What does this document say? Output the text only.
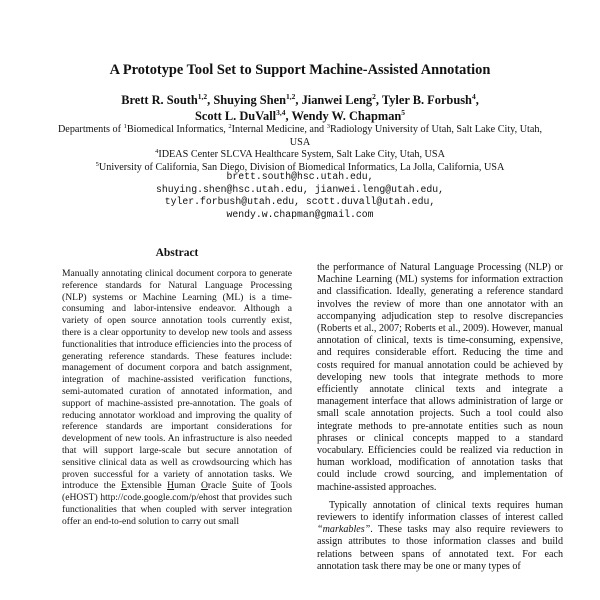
A Prototype Tool Set to Support Machine-Assisted Annotation
Brett R. South$^{1,2}$, Shuying Shen$^{1,2}$, Jianwei Leng$^2$, Tyler B. Forbush$^4$,
Scott L. DuVall$^{3,4}$, Wendy W. Chapman$^5$
Departments of $^1$Biomedical Informatics, $^2$Internal Medicine, and $^3$Radiology University of Utah, Salt Lake City, Utah, USA
$^4$IDEAS Center SLCVA Healthcare System, Salt Lake City, Utah, USA
$^5$University of California, San Diego, Division of Biomedical Informatics, La Jolla, California, USA
brett.south@hsc.utah.edu,
shuying.shen@hsc.utah.edu, jianwei.leng@utah.edu,
tyler.forbush@utah.edu, scott.duvall@utah.edu,
wendy.w.chapman@gmail.com
Abstract
Manually annotating clinical document corpora to generate reference standards for Natural Language Processing (NLP) systems or Machine Learning (ML) is a time-consuming and labor-intensive endeavor. Although a variety of open source annotation tools currently exist, there is a clear opportunity to develop new tools and assess functionalities that introduce efficiencies into the process of generating reference standards. These features include: management of document corpora and batch assignment, integration of machine-assisted verification functions, semi-automated curation of annotated information, and support of machine-assisted pre-annotation. The goals of reducing annotator workload and improving the quality of reference standards are important considerations for development of new tools. An infrastructure is also needed that will support large-scale but secure annotation of sensitive clinical data as well as crowdsourcing which has proven successful for a variety of annotation tasks. We introduce the Extensible Human Oracle Suite of Tools (eHOST) http://code.google.com/p/ehost that provides such functionalities that when coupled with server integration offer an end-to-end solution to carry out small

the performance of Natural Language Processing (NLP) or Machine Learning (ML) systems for information extraction and classification. Ideally, generating a reference standard involves the review of more than one annotator with an accompanying adjudication step to resolve discrepancies (Roberts et al., 2007; Roberts et al., 2009). However, manual annotation of clinical, texts is time-consuming, expensive, and requires considerable effort. Reducing the time and costs required for manual annotation could be achieved by developing new tools that integrate methods to more efficiently annotate clinical texts and integrate a management interface that allows administration of large or small scale annotation projects. Such a tool could also integrate methods to pre-annotate entities such as noun phrases or clinical concepts mapped to a standard vocabulary. Efficiencies could be realized via reduction in human workload, modification of annotation tasks that could include crowd sourcing, and implementation of machine-assisted approaches.

Typically annotation of clinical texts requires human reviewers to identify information classes of interest called “markables”. These tasks may also require reviewers to assign attributes to those information classes and build relations between spans of annotated text. For each annotation task there may be one or many types of
